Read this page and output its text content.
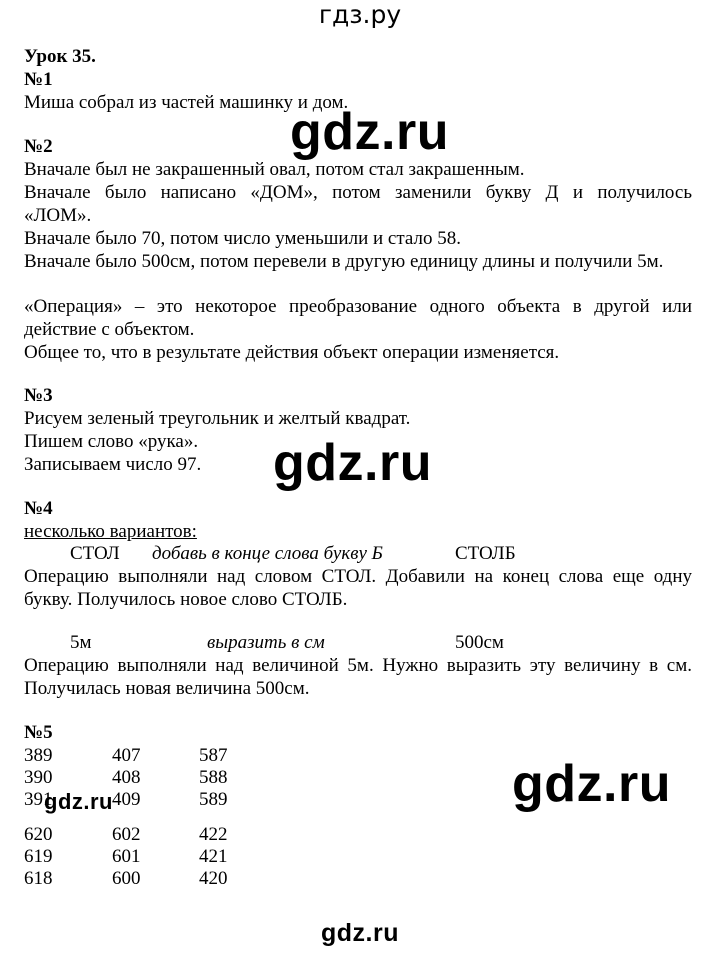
гдз.ру
Урок 35.
№1
Миша собрал из частей машинку и дом.
№2
Вначале был не закрашенный овал, потом стал закрашенным.
Вначале было написано «ДОМ», потом заменили букву Д и получилось
«ЛОМ».
Вначале было 70, потом число уменьшили и стало 58.
Вначале было 500см, потом перевели в другую единицу длины и получили 5м.
«Операция» – это некоторое преобразование одного объекта в другой или
действие с объектом.
Общее то, что в результате действия объект операции изменяется.
№3
Рисуем зеленый треугольник и желтый квадрат.
Пишем слово «рука».
Записываем число 97.
№4
несколько вариантов:
СТОЛ добавь в конце слова букву Б	СТОЛБ
Операцию выполняли над словом СТОЛ. Добавили на конец слова еще одну
букву. Получилось новое слово СТОЛБ.
5м	выразить в см	500см
Операцию выполняли над величиной 5м. Нужно выразить эту величину в см.
Получилась новая величина 500см.
№5
389	407	587
390	408	588
391	409	589
620	602	422
619	601	421
618	600	420
gdz.ru
gdz.ru
gdz.ru
gdz.ru
gdz.ru
